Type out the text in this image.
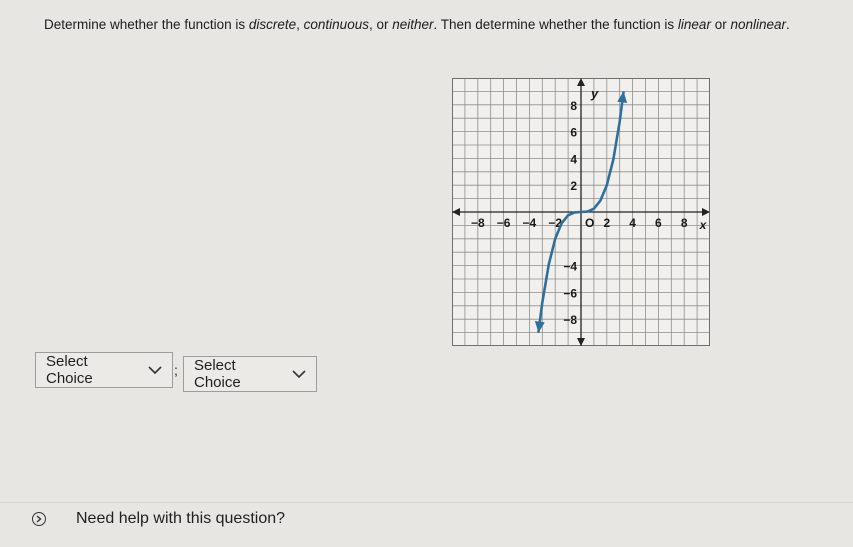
Determine whether the function is discrete, continuous, or neither. Then determine whether the function is linear or nonlinear.
y
x
−8 −6 −4 −2	2 4 6 8
8
6
4
2
−4
−6
−8
O
Select Choice	; Select Choice
Need help with this question?
